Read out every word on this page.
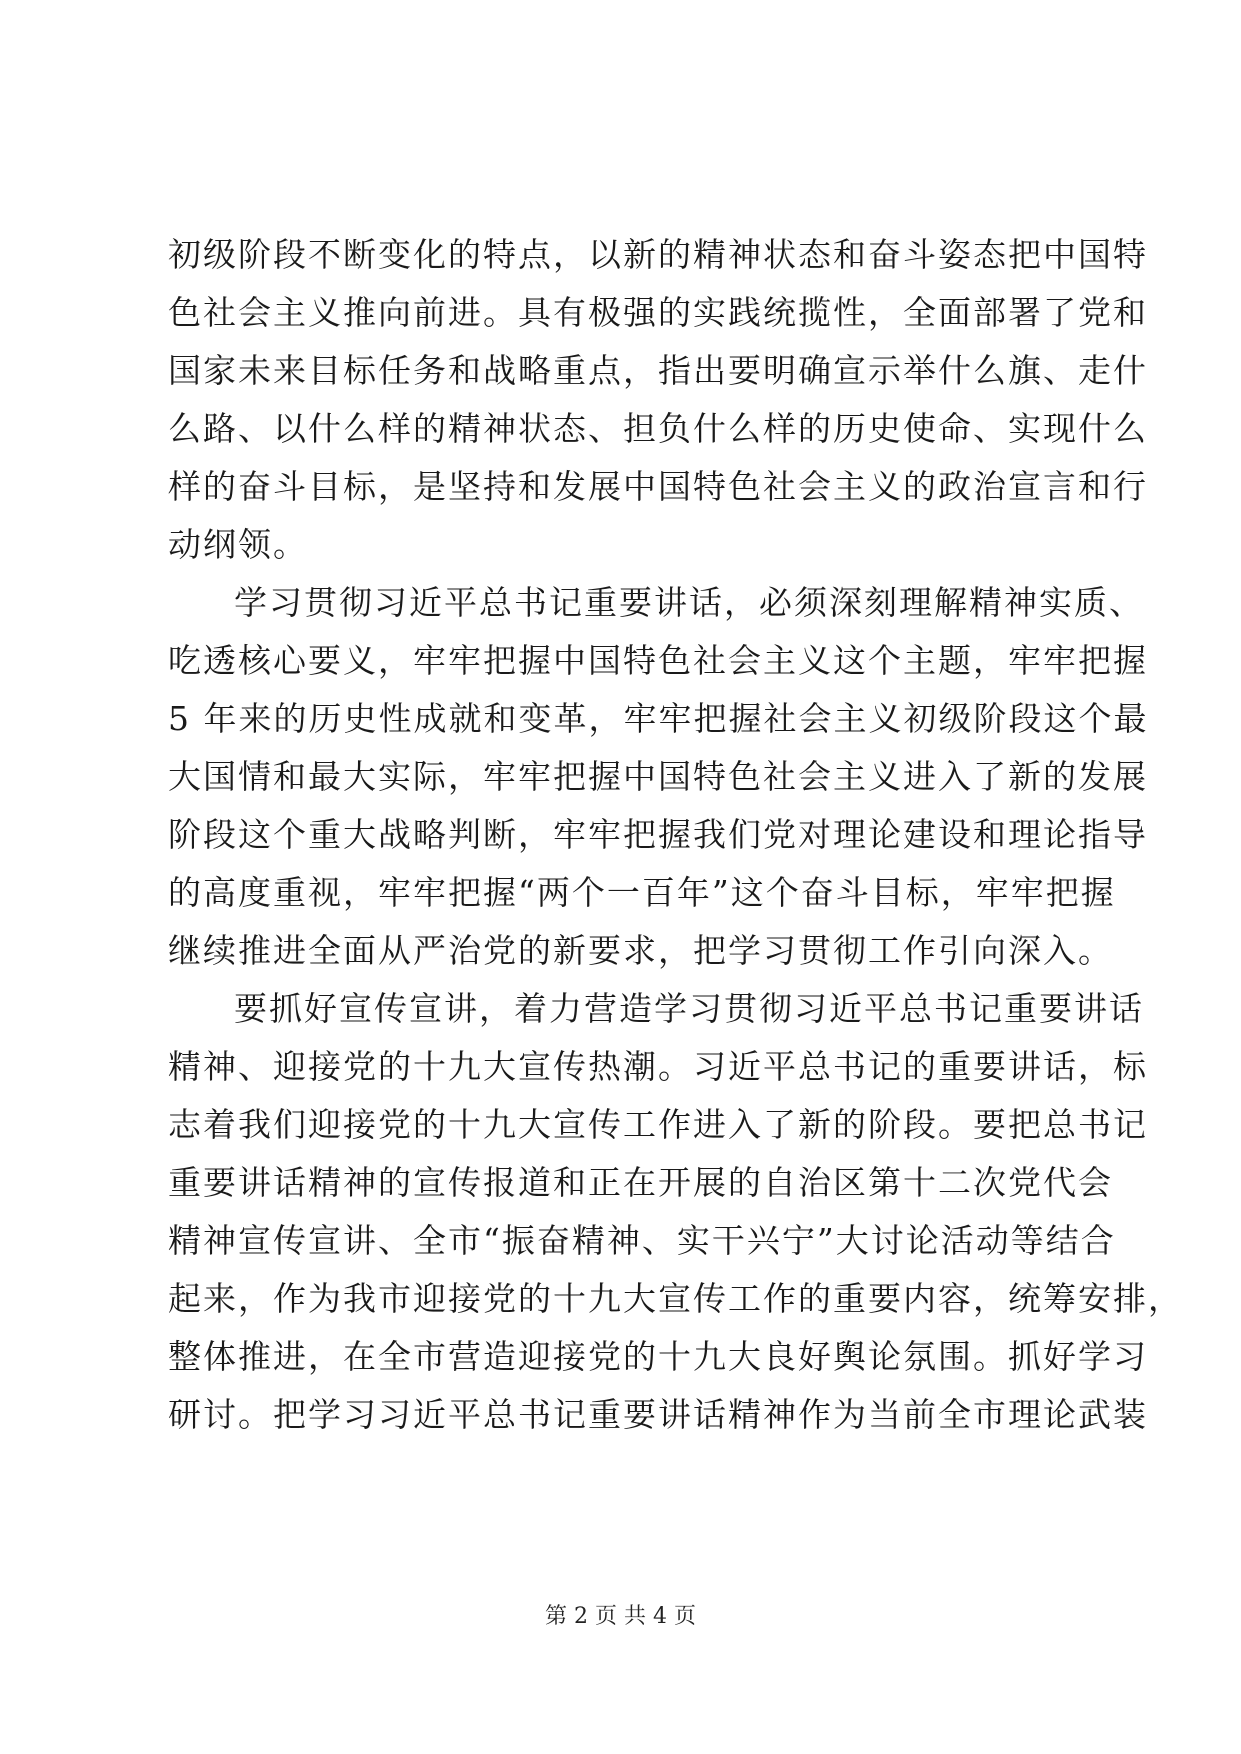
初级阶段不断变化的特点，以新的精神状态和奋斗姿态把中国特
色社会主义推向前进。具有极强的实践统揽性，全面部署了党和
国家未来目标任务和战略重点，指出要明确宣示举什么旗、走什
么路、以什么样的精神状态、担负什么样的历史使命、实现什么
样的奋斗目标，是坚持和发展中国特色社会主义的政治宣言和行
动纲领。
学习贯彻习近平总书记重要讲话，必须深刻理解精神实质、
吃透核心要义，牢牢把握中国特色社会主义这个主题，牢牢把握
5 年来的历史性成就和变革，牢牢把握社会主义初级阶段这个最
大国情和最大实际，牢牢把握中国特色社会主义进入了新的发展
阶段这个重大战略判断，牢牢把握我们党对理论建设和理论指导
的高度重视，牢牢把握“两个一百年”这个奋斗目标，牢牢把握
继续推进全面从严治党的新要求，把学习贯彻工作引向深入。
要抓好宣传宣讲，着力营造学习贯彻习近平总书记重要讲话
精神、迎接党的十九大宣传热潮。习近平总书记的重要讲话，标
志着我们迎接党的十九大宣传工作进入了新的阶段。要把总书记
重要讲话精神的宣传报道和正在开展的自治区第十二次党代会
精神宣传宣讲、全市“振奋精神、实干兴宁”大讨论活动等结合
起来，作为我市迎接党的十九大宣传工作的重要内容，统筹安排，
整体推进，在全市营造迎接党的十九大良好舆论氛围。抓好学习
研讨。把学习习近平总书记重要讲话精神作为当前全市理论武装
第 2 页 共 4 页
